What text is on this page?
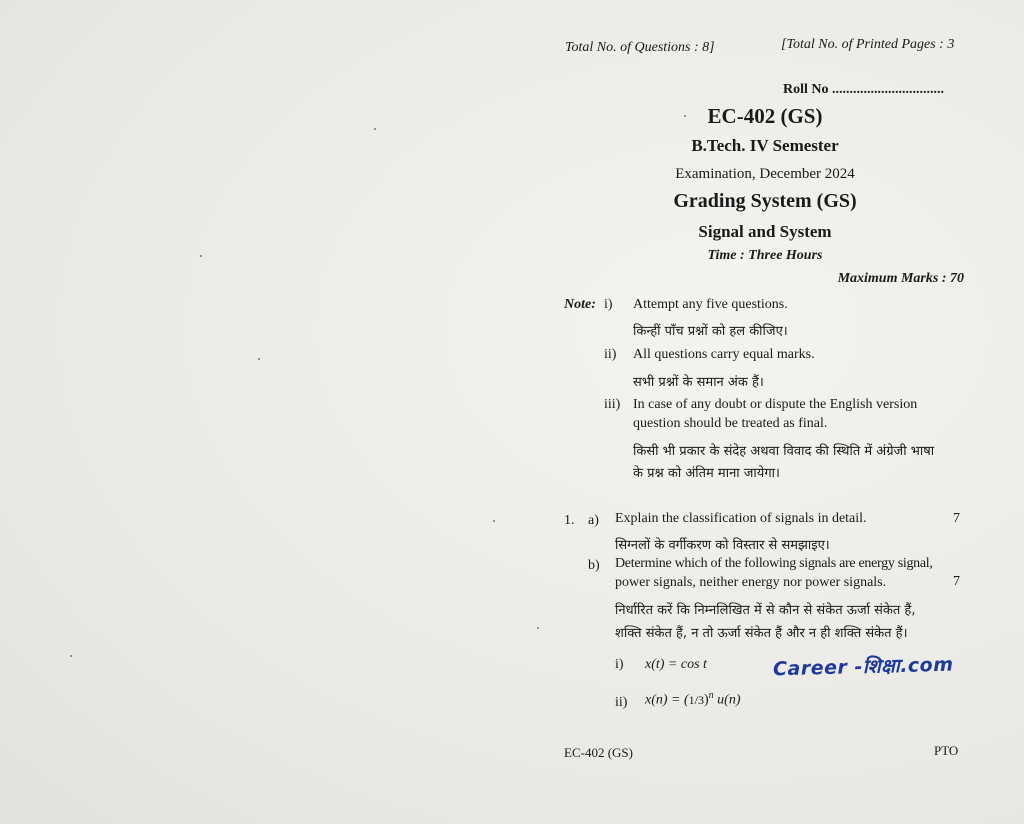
Total No. of Questions : 8]	[Total No. of Printed Pages : 3
Roll No ................................
EC-402 (GS)
B.Tech. IV Semester
Examination, December 2024
Grading System (GS)
Signal and System
Time : Three Hours
Maximum Marks : 70
Note: i) Attempt any five questions.
किन्हीं पाँच प्रश्नों को हल कीजिए।
ii) All questions carry equal marks.
सभी प्रश्नों के समान अंक हैं।
iii) In case of any doubt or dispute the English version
question should be treated as final.
किसी भी प्रकार के संदेह अथवा विवाद की स्थिति में अंग्रेजी भाषा
के प्रश्न को अंतिम माना जायेगा।
1. a) Explain the classification of signals in detail.	7
सिग्नलों के वर्गीकरण को विस्तार से समझाइए।
b) Determine which of the following signals are energy signal,
power signals, neither energy nor power signals.	7
निर्धारित करें कि निम्नलिखित में से कौन से संकेत ऊर्जा संकेत हैं,
शक्ति संकेत हैं, न तो ऊर्जा संकेत हैं और न ही शक्ति संकेत हैं।
i) x(t) = cos t
ii) $x(n) = (1/3)^n$ u(n)
Career -शिक्षा.com
EC-402 (GS)	PTO
